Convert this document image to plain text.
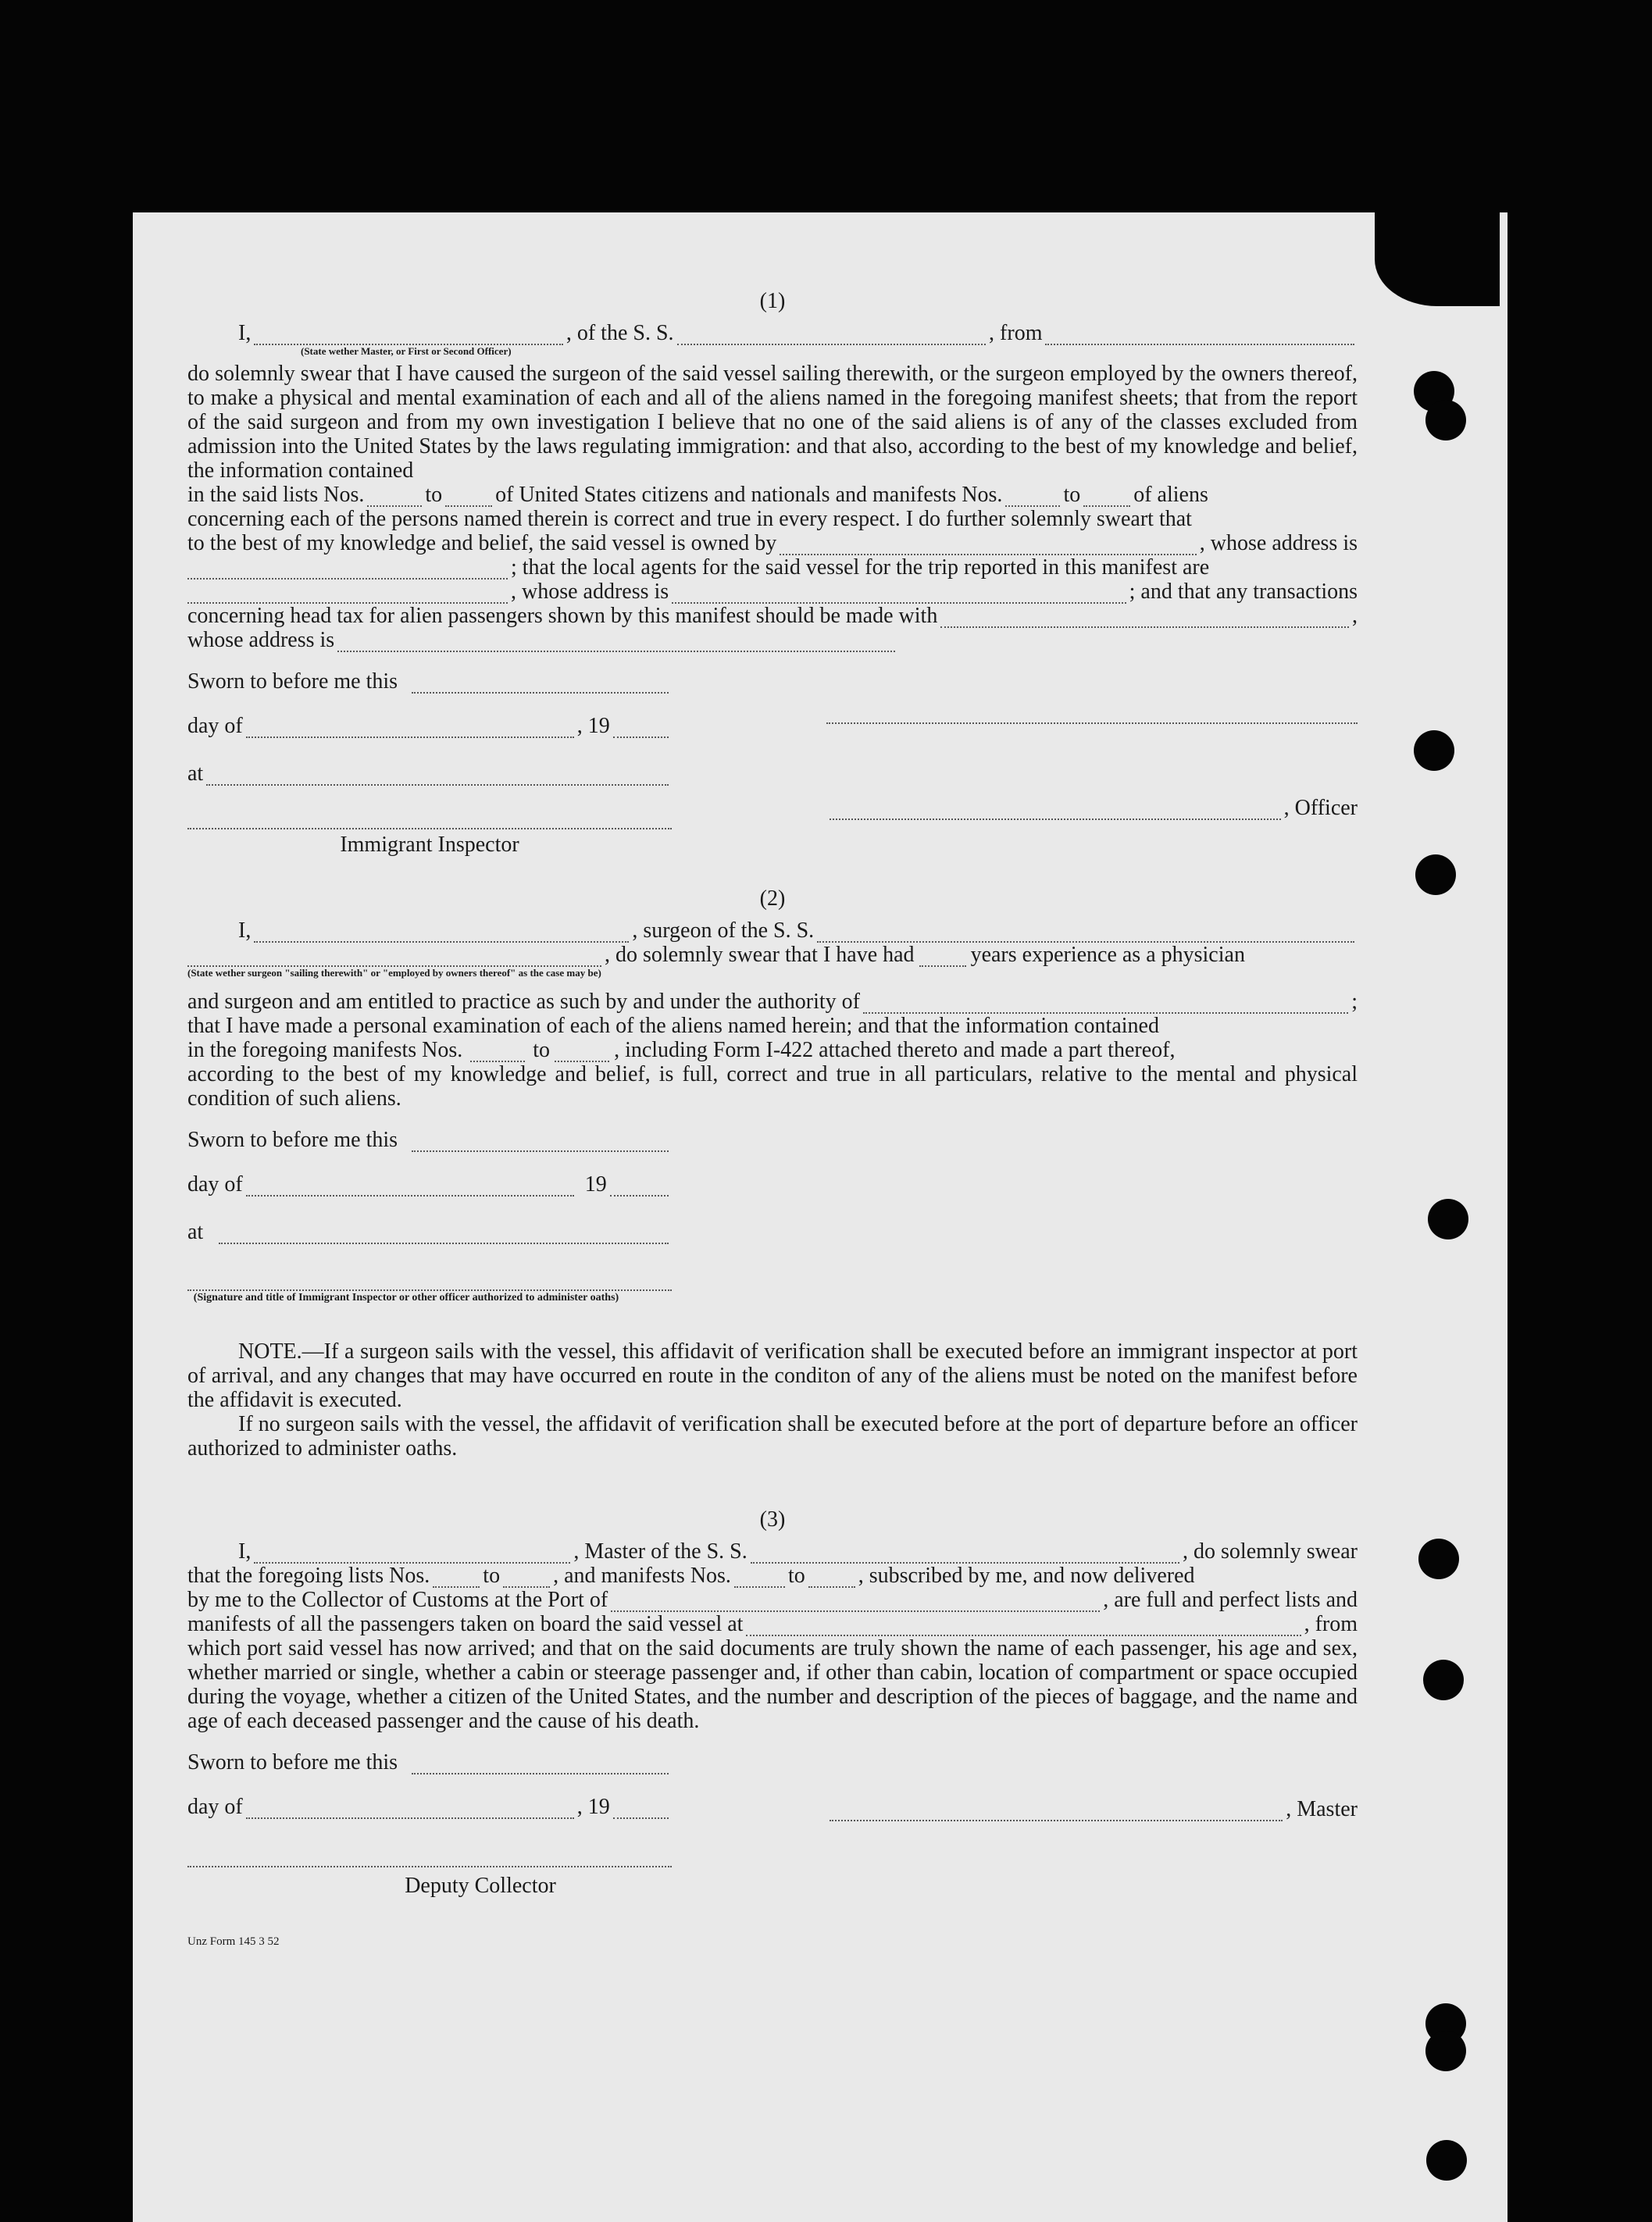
(1)
I,	, of the S. S.	, from
(State wether Master, or First or Second Officer)
do solemnly swear that I have caused the surgeon of the said vessel sailing therewith, or the surgeon employed by the owners thereof, to make a physical and mental examination of each and all of the aliens named in the foregoing manifest sheets; that from the report of the said surgeon and from my own investigation I believe that no one of the said aliens is of any of the classes excluded from admission into the United States by the laws regulating immigration: and that also, according to the best of my knowledge and belief, the information contained
in the said lists Nos.	to of United States citizens and nationals and manifests Nos.	to of aliens
concerning each of the persons named therein is correct and true in every respect. I do further solemnly sweart that
to the best of my knowledge and belief, the said vessel is owned by	, whose address is
; that the local agents for the said vessel for the trip reported in this manifest are
, whose address is	; and that any transactions
concerning head tax for alien passengers shown by this manifest should be made with	,
whose address is
Sworn to before me this
day of	, 19
at
Immigrant Inspector
, Officer
(2)
I,	, surgeon of the S. S.
, do solemnly swear that I have had	years experience as a physician
(State wether surgeon "sailing therewith" or "employed by owners thereof" as the case may be)
and surgeon and am entitled to practice as such by and under the authority of	;
that I have made a personal examination of each of the aliens named herein; and that the information contained
in the foregoing manifests Nos.	to	, including Form I-422 attached thereto and made a part thereof,
according to the best of my knowledge and belief, is full, correct and true in all particulars, relative to the mental and physical condition of such aliens.
Sworn to before me this
day of	19
at
(Signature and title of Immigrant Inspector or other officer authorized to administer oaths)
NOTE.—If a surgeon sails with the vessel, this affidavit of verification shall be executed before an immigrant inspector at port of arrival, and any changes that may have occurred en route in the conditon of any of the aliens must be noted on the manifest before the affidavit is executed.
If no surgeon sails with the vessel, the affidavit of verification shall be executed before at the port of departure before an officer authorized to administer oaths.
(3)
I,	, Master of the S. S.	, do solemnly swear
that the foregoing lists Nos. to , and manifests Nos.	to , subscribed by me, and now delivered
by me to the Collector of Customs at the Port of	, are full and perfect lists and
manifests of all the passengers taken on board the said vessel at	, from
which port said vessel has now arrived; and that on the said documents are truly shown the name of each passenger, his age and sex, whether married or single, whether a cabin or steerage passenger and, if other than cabin, location of compartment or space occupied during the voyage, whether a citizen of the United States, and the number and description of the pieces of baggage, and the name and age of each deceased passenger and the cause of his death.
Sworn to before me this
day of	, 19
Deputy Collector
, Master
Unz Form 145 3 52
